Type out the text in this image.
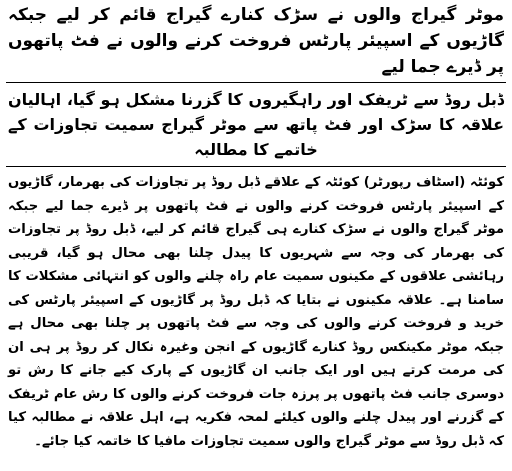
موٹر گیراج والوں نے سڑک کنارے گیراج قائم کر لیے جبکہ گاڑیوں کے اسپیئر پارٹس فروخت کرنے والوں نے فٹ پاتھوں پر ڈیرے جما لیے
ڈبل روڈ سے ٹریفک اور راہگیروں کا گزرنا مشکل ہو گیا، اہالیان علاقہ کا سڑک اور فٹ پاتھ سے موٹر گیراج سمیت تجاوزات کے خاتمے کا مطالبہ

کوئٹہ (اسٹاف رپورٹر) کوئٹہ کے علاقے ڈبل روڈ پر تجاوزات کی بھرمار، گاڑیوں کے اسپیئر پارٹس فروخت کرنے والوں نے فٹ پاتھوں پر ڈیرے جما لیے جبکہ موٹر گیراج والوں نے سڑک کنارے ہی گیراج قائم کر لیے، ڈبل روڈ پر تجاوزات کی بھرمار کی وجہ سے شہریوں کا پیدل چلنا بھی محال ہو گیا، قریبی رہائشی علاقوں کے مکینوں سمیت عام راہ چلنے والوں کو انتہائی مشکلات کا سامنا ہے۔ علاقہ مکینوں نے بتایا کہ ڈبل روڈ پر گاڑیوں کے اسپیئر پارٹس کی خرید و فروخت کرنے والوں کی وجہ سے فٹ پاتھوں پر چلنا بھی محال ہے جبکہ موٹر مکینکس روڈ کنارے گاڑیوں کے انجن وغیرہ نکال کر روڈ پر ہی ان کی مرمت کرتے ہیں اور ایک جانب ان گاڑیوں کے پارک کیے جانے کا رش تو دوسری جانب فٹ پاتھوں پر پرزہ جات فروخت کرنے والوں کا رش عام ٹریفک کے گزرنے اور پیدل چلنے والوں کیلئے لمحہ فکریہ ہے، اہل علاقہ نے مطالبہ کیا کہ ڈبل روڈ سے موٹر گیراج والوں سمیت تجاوزات مافیا کا خاتمہ کیا جائے۔
